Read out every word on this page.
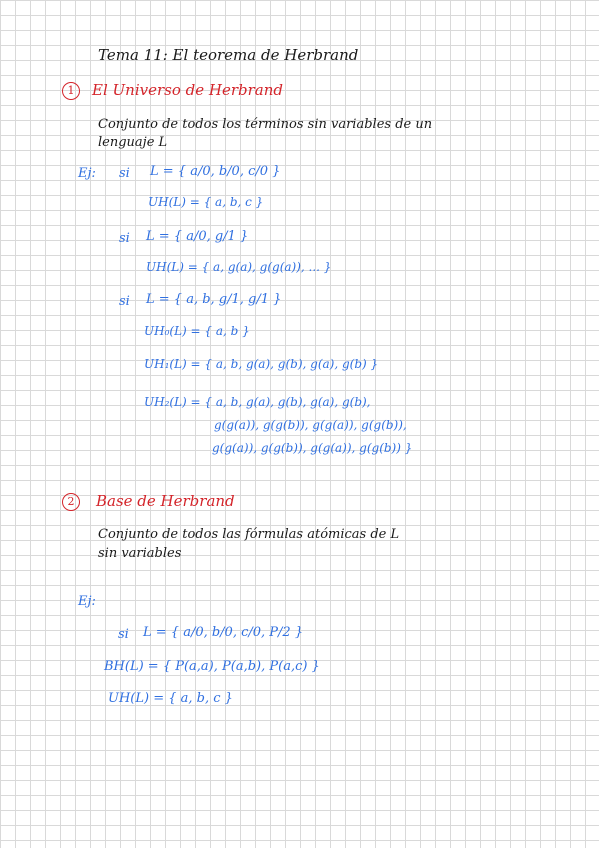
Tema 11: El teorema de Herbrand
1	El Universo de Herbrand
Conjunto de todos los términos sin variables de un
lenguaje L
Ej: si L = { a/0, b/0, c/0 }
UH(L) = { a, b, c }
si L = { a/0, g/1 }
UH(L) = { a, g(a), g(g(a)), ... }
si L = { a, b, g/1, g/1 }
UH₀(L) = { a, b }
UH₁(L) = { a, b, g(a), g(b), g(a), g(b) }
UH₂(L) = { a, b, g(a), g(b), g(a), g(b),
g(g(a)), g(g(b)), g(g(a)), g(g(b)),
g(g(a)), g(g(b)), g(g(a)), g(g(b)) }
2	Base de Herbrand
Conjunto de todos las fórmulas atómicas de L
sin variables
Ej:
si L = { a/0, b/0, c/0, P/2 }
BH(L) = { P(a,a), P(a,b), P(a,c) }
UH(L) = { a, b, c }
